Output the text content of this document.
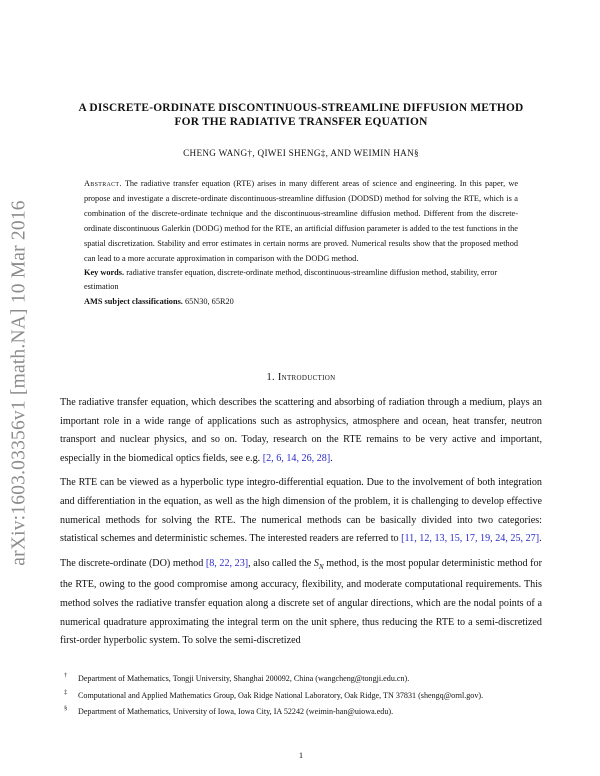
arXiv:1603.03356v1 [math.NA] 10 Mar 2016
A DISCRETE-ORDINATE DISCONTINUOUS-STREAMLINE DIFFUSION METHOD
FOR THE RADIATIVE TRANSFER EQUATION
CHENG WANG†, QIWEI SHENG‡, AND WEIMIN HAN§

Abstract. The radiative transfer equation (RTE) arises in many different areas of science and engineering. In this paper, we propose and investigate a discrete-ordinate discontinuous-streamline diffusion (DODSD) method for solving the RTE, which is a combination of the discrete-ordinate technique and the discontinuous-streamline diffusion method. Different from the discrete-ordinate discontinuous Galerkin (DODG) method for the RTE, an artificial diffusion parameter is added to the test functions in the spatial discretization. Stability and error estimates in certain norms are proved. Numerical results show that the proposed method can lead to a more accurate approximation in comparison with the DODG method.

Key words. radiative transfer equation, discrete-ordinate method, discontinuous-streamline diffusion method, stability, error estimation
AMS subject classifications. 65N30, 65R20
1. Introduction

The radiative transfer equation, which describes the scattering and absorbing of radiation through a medium, plays an important role in a wide range of applications such as astrophysics, atmosphere and ocean, heat transfer, neutron transport and nuclear physics, and so on. Today, research on the RTE remains to be very active and important, especially in the biomedical optics fields, see e.g. [2, 6, 14, 26, 28].

The RTE can be viewed as a hyperbolic type integro-differential equation. Due to the involvement of both integration and differentiation in the equation, as well as the high dimension of the problem, it is challenging to develop effective numerical methods for solving the RTE. The numerical methods can be basically divided into two categories: statistical schemes and deterministic schemes. The interested readers are referred to [11, 12, 13, 15, 17, 19, 24, 25, 27].

The discrete-ordinate (DO) method [8, 22, 23], also called the $S_N$ method, is the most popular deterministic method for the RTE, owing to the good compromise among accuracy, flexibility, and moderate computational requirements. This method solves the radiative transfer equation along a discrete set of angular directions, which are the nodal points of a numerical quadrature approximating the integral term on the unit sphere, thus reducing the RTE to a semi-discretized first-order hyperbolic system. To solve the semi-discretized

† Department of Mathematics, Tongji University, Shanghai 200092, China (wangcheng@tongji.edu.cn).
‡ Computational and Applied Mathematics Group, Oak Ridge National Laboratory, Oak Ridge, TN 37831 (shengq@ornl.gov).
§ Department of Mathematics, University of Iowa, Iowa City, IA 52242 (weimin-han@uiowa.edu).
1
